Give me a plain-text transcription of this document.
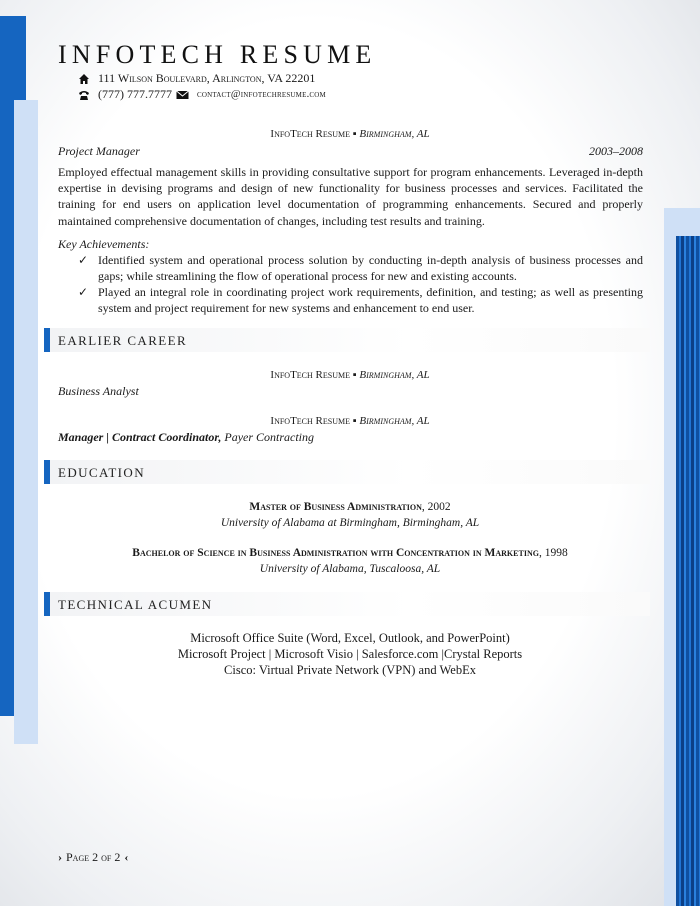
INFOTECH RESUME
111 Wilson Boulevard, Arlington, VA 22201
(777) 777.7777 contact@infotechresume.com
InfoTech Resume ▪ Birmingham, AL
Project Manager	2003–2008
Employed effectual management skills in providing consultative support for program enhancements. Leveraged in-depth expertise in devising programs and design of new functionality for business processes and services. Facilitated the training for end users on application level documentation of programming enhancements. Secured and properly maintained comprehensive documentation of changes, including test results and training.
Key Achievements:
✓ Identified system and operational process solution by conducting in-depth analysis of business processes and gaps; while streamlining the flow of operational process for new and existing accounts.
✓ Played an integral role in coordinating project work requirements, definition, and testing; as well as presenting system and project requirement for new systems and enhancement to end user.
EARLIER CAREER
InfoTech Resume ▪ Birmingham, AL
Business Analyst
InfoTech Resume ▪ Birmingham, AL
Manager | Contract Coordinator, Payer Contracting
EDUCATION
Master of Business Administration, 2002
University of Alabama at Birmingham, Birmingham, AL
Bachelor of Science in Business Administration with Concentration in Marketing, 1998
University of Alabama, Tuscaloosa, AL
TECHNICAL ACUMEN
Microsoft Office Suite (Word, Excel, Outlook, and PowerPoint)
Microsoft Project | Microsoft Visio | Salesforce.com |Crystal Reports
Cisco: Virtual Private Network (VPN) and WebEx
› Page 2 of 2 ‹
